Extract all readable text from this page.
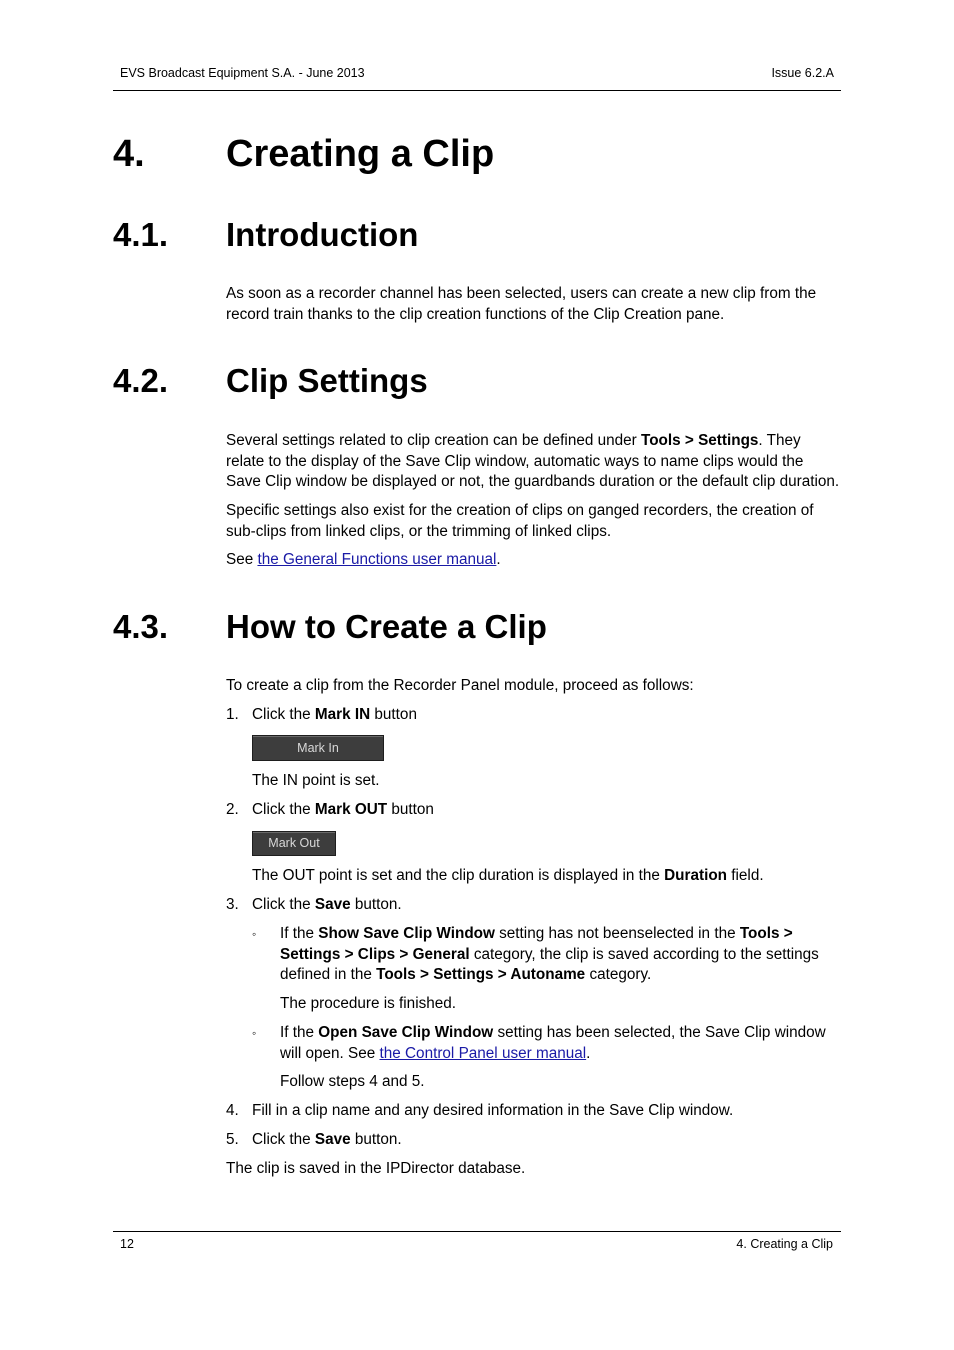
EVS Broadcast Equipment S.A. - June 2013	Issue 6.2.A
4. Creating a Clip
4.1. Introduction
As soon as a recorder channel has been selected, users can create a new clip from the record train thanks to the clip creation functions of the Clip Creation pane.
4.2. Clip Settings
Several settings related to clip creation can be defined under Tools > Settings. They relate to the display of the Save Clip window, automatic ways to name clips would the Save Clip window be displayed or not, the guardbands duration or the default clip duration.
Specific settings also exist for the creation of clips on ganged recorders, the creation of sub-clips from linked clips, or the trimming of linked clips.
See the General Functions user manual.
4.3. How to Create a Clip
To create a clip from the Recorder Panel module, proceed as follows:
1. Click the Mark IN button
Mark In
The IN point is set.
2. Click the Mark OUT button
Mark Out
The OUT point is set and the clip duration is displayed in the Duration field.
3. Click the Save button.
◦ If the Show Save Clip Window setting has not beenselected in the Tools > Settings > Clips > General category, the clip is saved according to the settings defined in the Tools > Settings > Autoname category.
The procedure is finished.
◦ If the Open Save Clip Window setting has been selected, the Save Clip window will open. See the Control Panel user manual.
Follow steps 4 and 5.
4. Fill in a clip name and any desired information in the Save Clip window.
5. Click the Save button.
The clip is saved in the IPDirector database.
12	4. Creating a Clip
